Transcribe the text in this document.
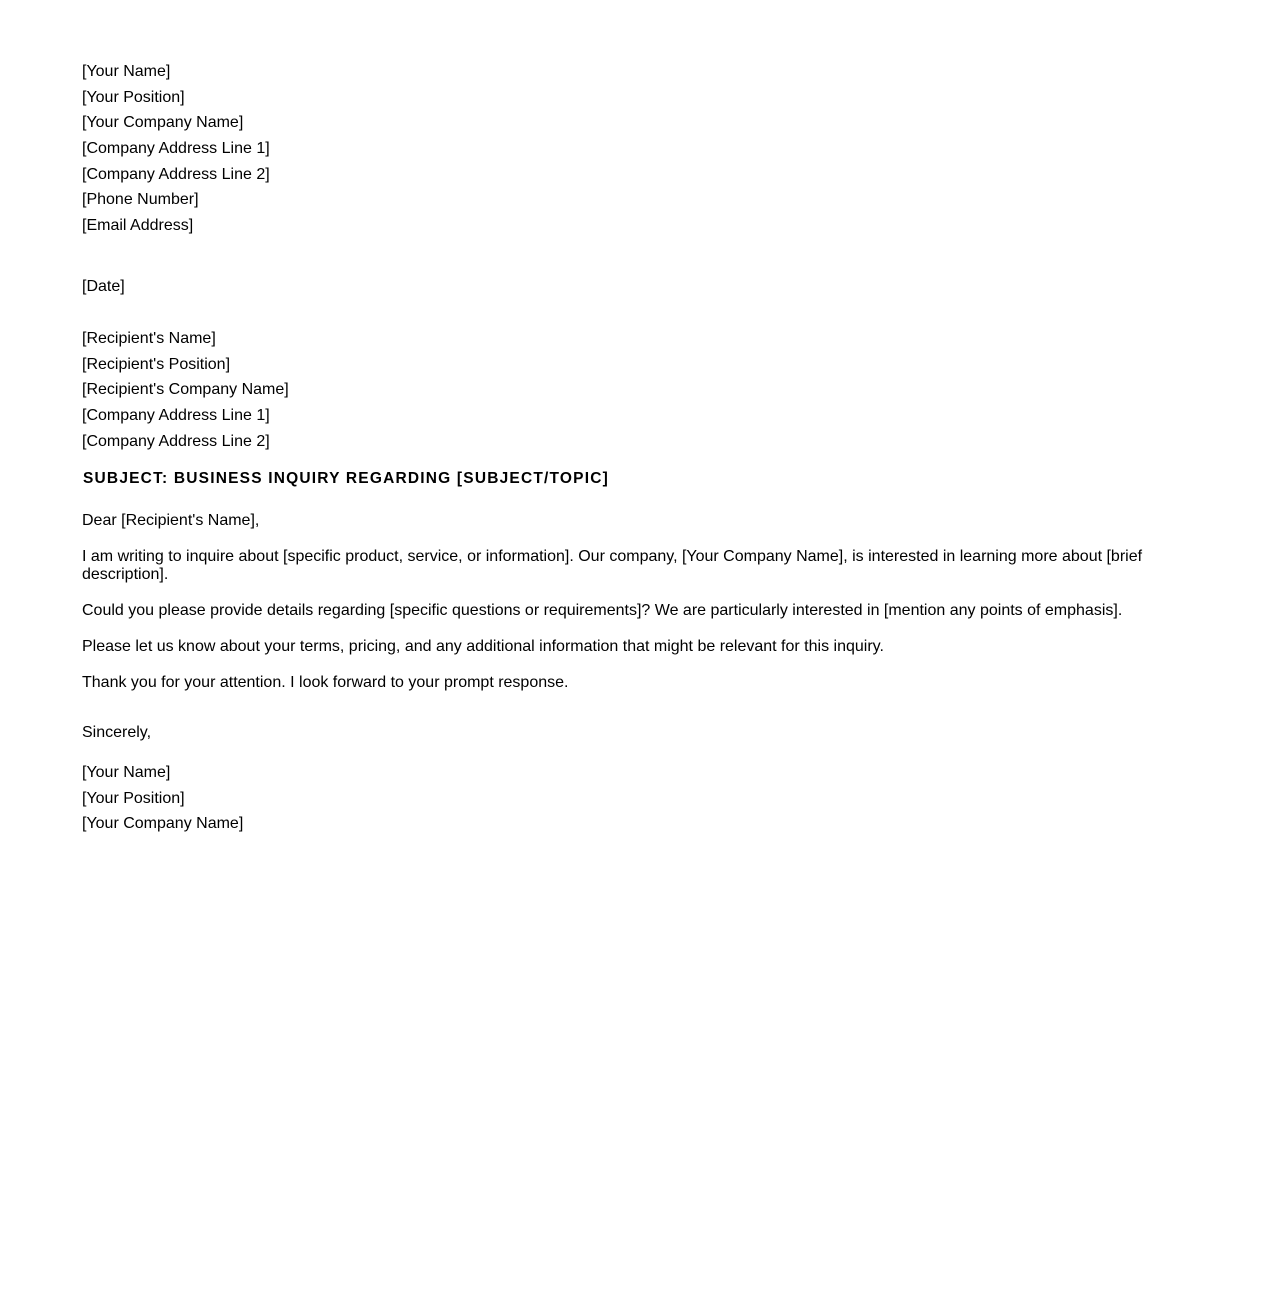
[Your Name]
[Your Position]
[Your Company Name]
[Company Address Line 1]
[Company Address Line 2]
[Phone Number]
[Email Address]
[Date]
[Recipient's Name]
[Recipient's Position]
[Recipient's Company Name]
[Company Address Line 1]
[Company Address Line 2]
SUBJECT: BUSINESS INQUIRY REGARDING [SUBJECT/TOPIC]
Dear [Recipient's Name],
I am writing to inquire about [specific product, service, or information]. Our company, [Your Company Name], is interested in learning more about [brief description].
Could you please provide details regarding [specific questions or requirements]? We are particularly interested in [mention any points of emphasis].
Please let us know about your terms, pricing, and any additional information that might be relevant for this inquiry.
Thank you for your attention. I look forward to your prompt response.
Sincerely,
[Your Name]
[Your Position]
[Your Company Name]
